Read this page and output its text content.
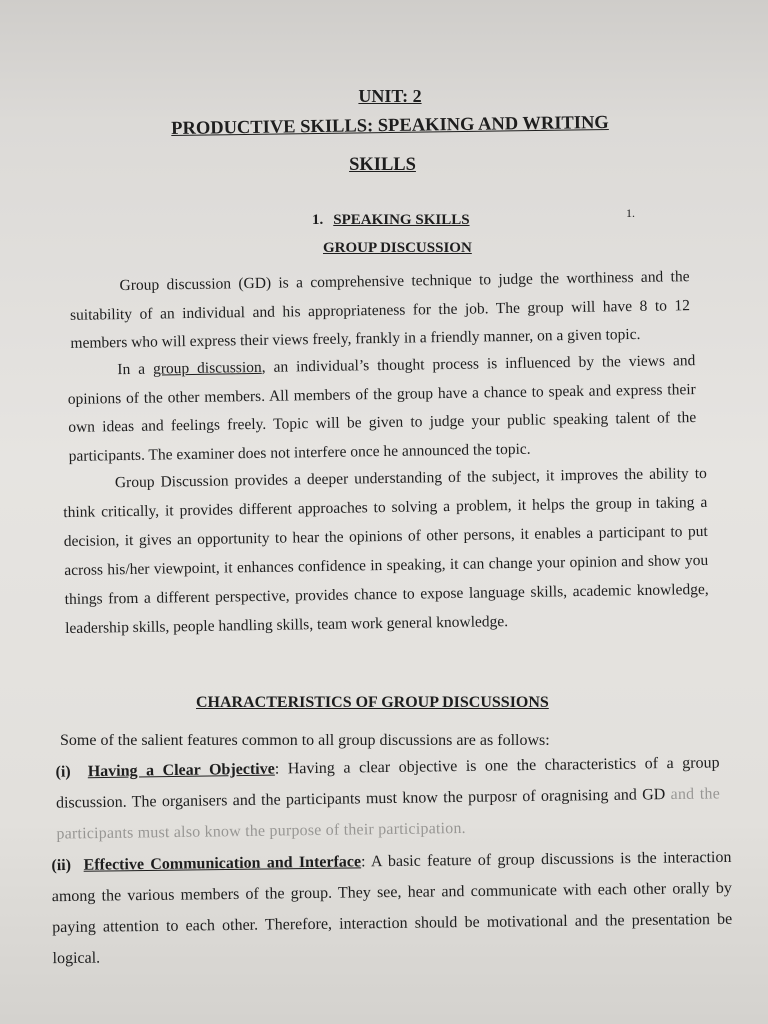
UNIT: 2
PRODUCTIVE SKILLS: SPEAKING AND WRITING
SKILLS
1. SPEAKING SKILLS	1.
GROUP DISCUSSION
Group discussion (GD) is a comprehensive technique to judge the worthiness and the suitability of an individual and his appropriateness for the job. The group will have 8 to 12 members who will express their views freely, frankly in a friendly manner, on a given topic.
In a group discussion, an individual’s thought process is influenced by the views and opinions of the other members. All members of the group have a chance to speak and express their own ideas and feelings freely. Topic will be given to judge your public speaking talent of the participants. The examiner does not interfere once he announced the topic.
Group Discussion provides a deeper understanding of the subject, it improves the ability to think critically, it provides different approaches to solving a problem, it helps the group in taking a decision, it gives an opportunity to hear the opinions of other persons, it enables a participant to put across his/her viewpoint, it enhances confidence in speaking, it can change your opinion and show you things from a different perspective, provides chance to expose language skills, academic knowledge, leadership skills, people handling skills, team work general knowledge.
CHARACTERISTICS OF GROUP DISCUSSIONS
Some of the salient features common to all group discussions are as follows:
(i) Having a Clear Objective: Having a clear objective is one the characteristics of a group discussion. The organisers and the participants must know the purposr of oragnising and GD and the participants must also know the purpose of their participation.
(ii) Effective Communication and Interface: A basic feature of group discussions is the interaction among the various members of the group. They see, hear and communicate with each other orally by paying attention to each other. Therefore, interaction should be motivational and the presentation be logical.
